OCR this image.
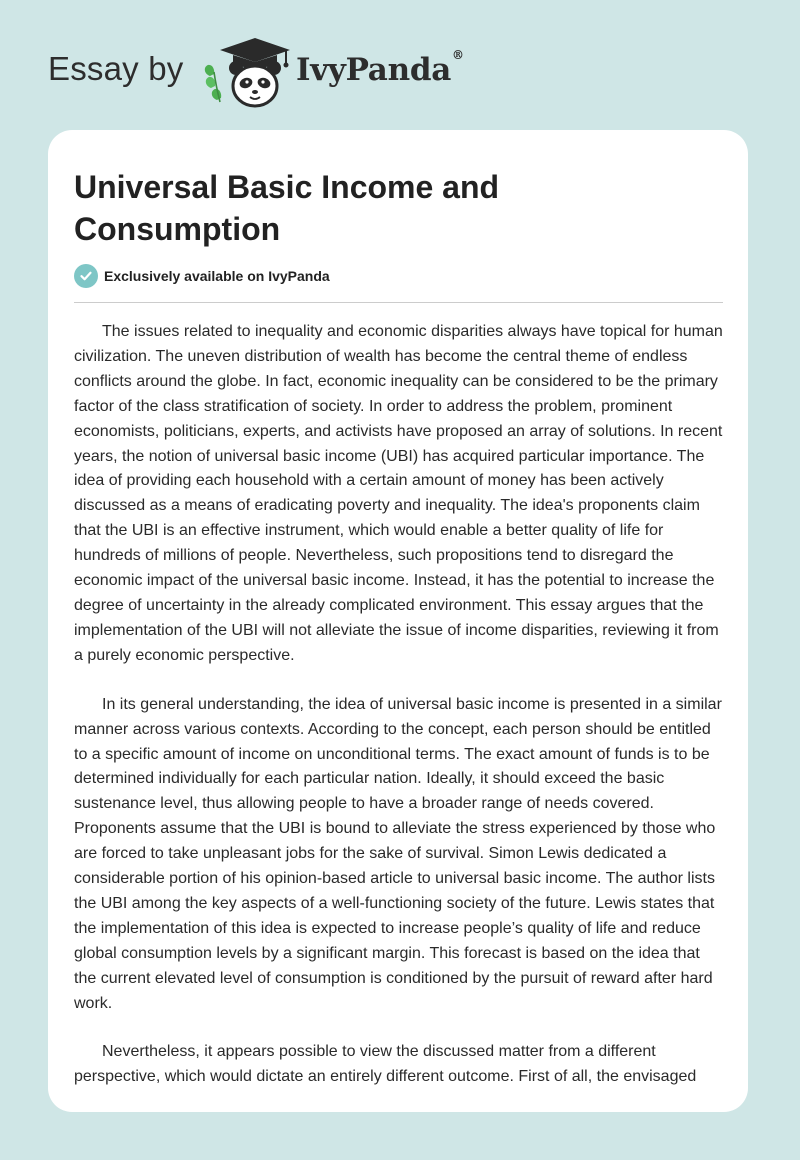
Essay by	IvyPanda®
Universal Basic Income and Consumption
Exclusively available on IvyPanda

The issues related to inequality and economic disparities always have topical for human civilization. The uneven distribution of wealth has become the central theme of endless conflicts around the globe. In fact, economic inequality can be considered to be the primary factor of the class stratification of society. In order to address the problem, prominent economists, politicians, experts, and activists have proposed an array of solutions. In recent years, the notion of universal basic income (UBI) has acquired particular importance. The idea of providing each household with a certain amount of money has been actively discussed as a means of eradicating poverty and inequality. The idea's proponents claim that the UBI is an effective instrument, which would enable a better quality of life for hundreds of millions of people. Nevertheless, such propositions tend to disregard the economic impact of the universal basic income. Instead, it has the potential to increase the degree of uncertainty in the already complicated environment. This essay argues that the implementation of the UBI will not alleviate the issue of income disparities, reviewing it from a purely economic perspective.

In its general understanding, the idea of universal basic income is presented in a similar manner across various contexts. According to the concept, each person should be entitled to a specific amount of income on unconditional terms. The exact amount of funds is to be determined individually for each particular nation. Ideally, it should exceed the basic sustenance level, thus allowing people to have a broader range of needs covered. Proponents assume that the UBI is bound to alleviate the stress experienced by those who are forced to take unpleasant jobs for the sake of survival. Simon Lewis dedicated a considerable portion of his opinion-based article to universal basic income. The author lists the UBI among the key aspects of a well-functioning society of the future. Lewis states that the implementation of this idea is expected to increase people’s quality of life and reduce global consumption levels by a significant margin. This forecast is based on the idea that the current elevated level of consumption is conditioned by the pursuit of reward after hard work.

Nevertheless, it appears possible to view the discussed matter from a different perspective, which would dictate an entirely different outcome. First of all, the envisaged
